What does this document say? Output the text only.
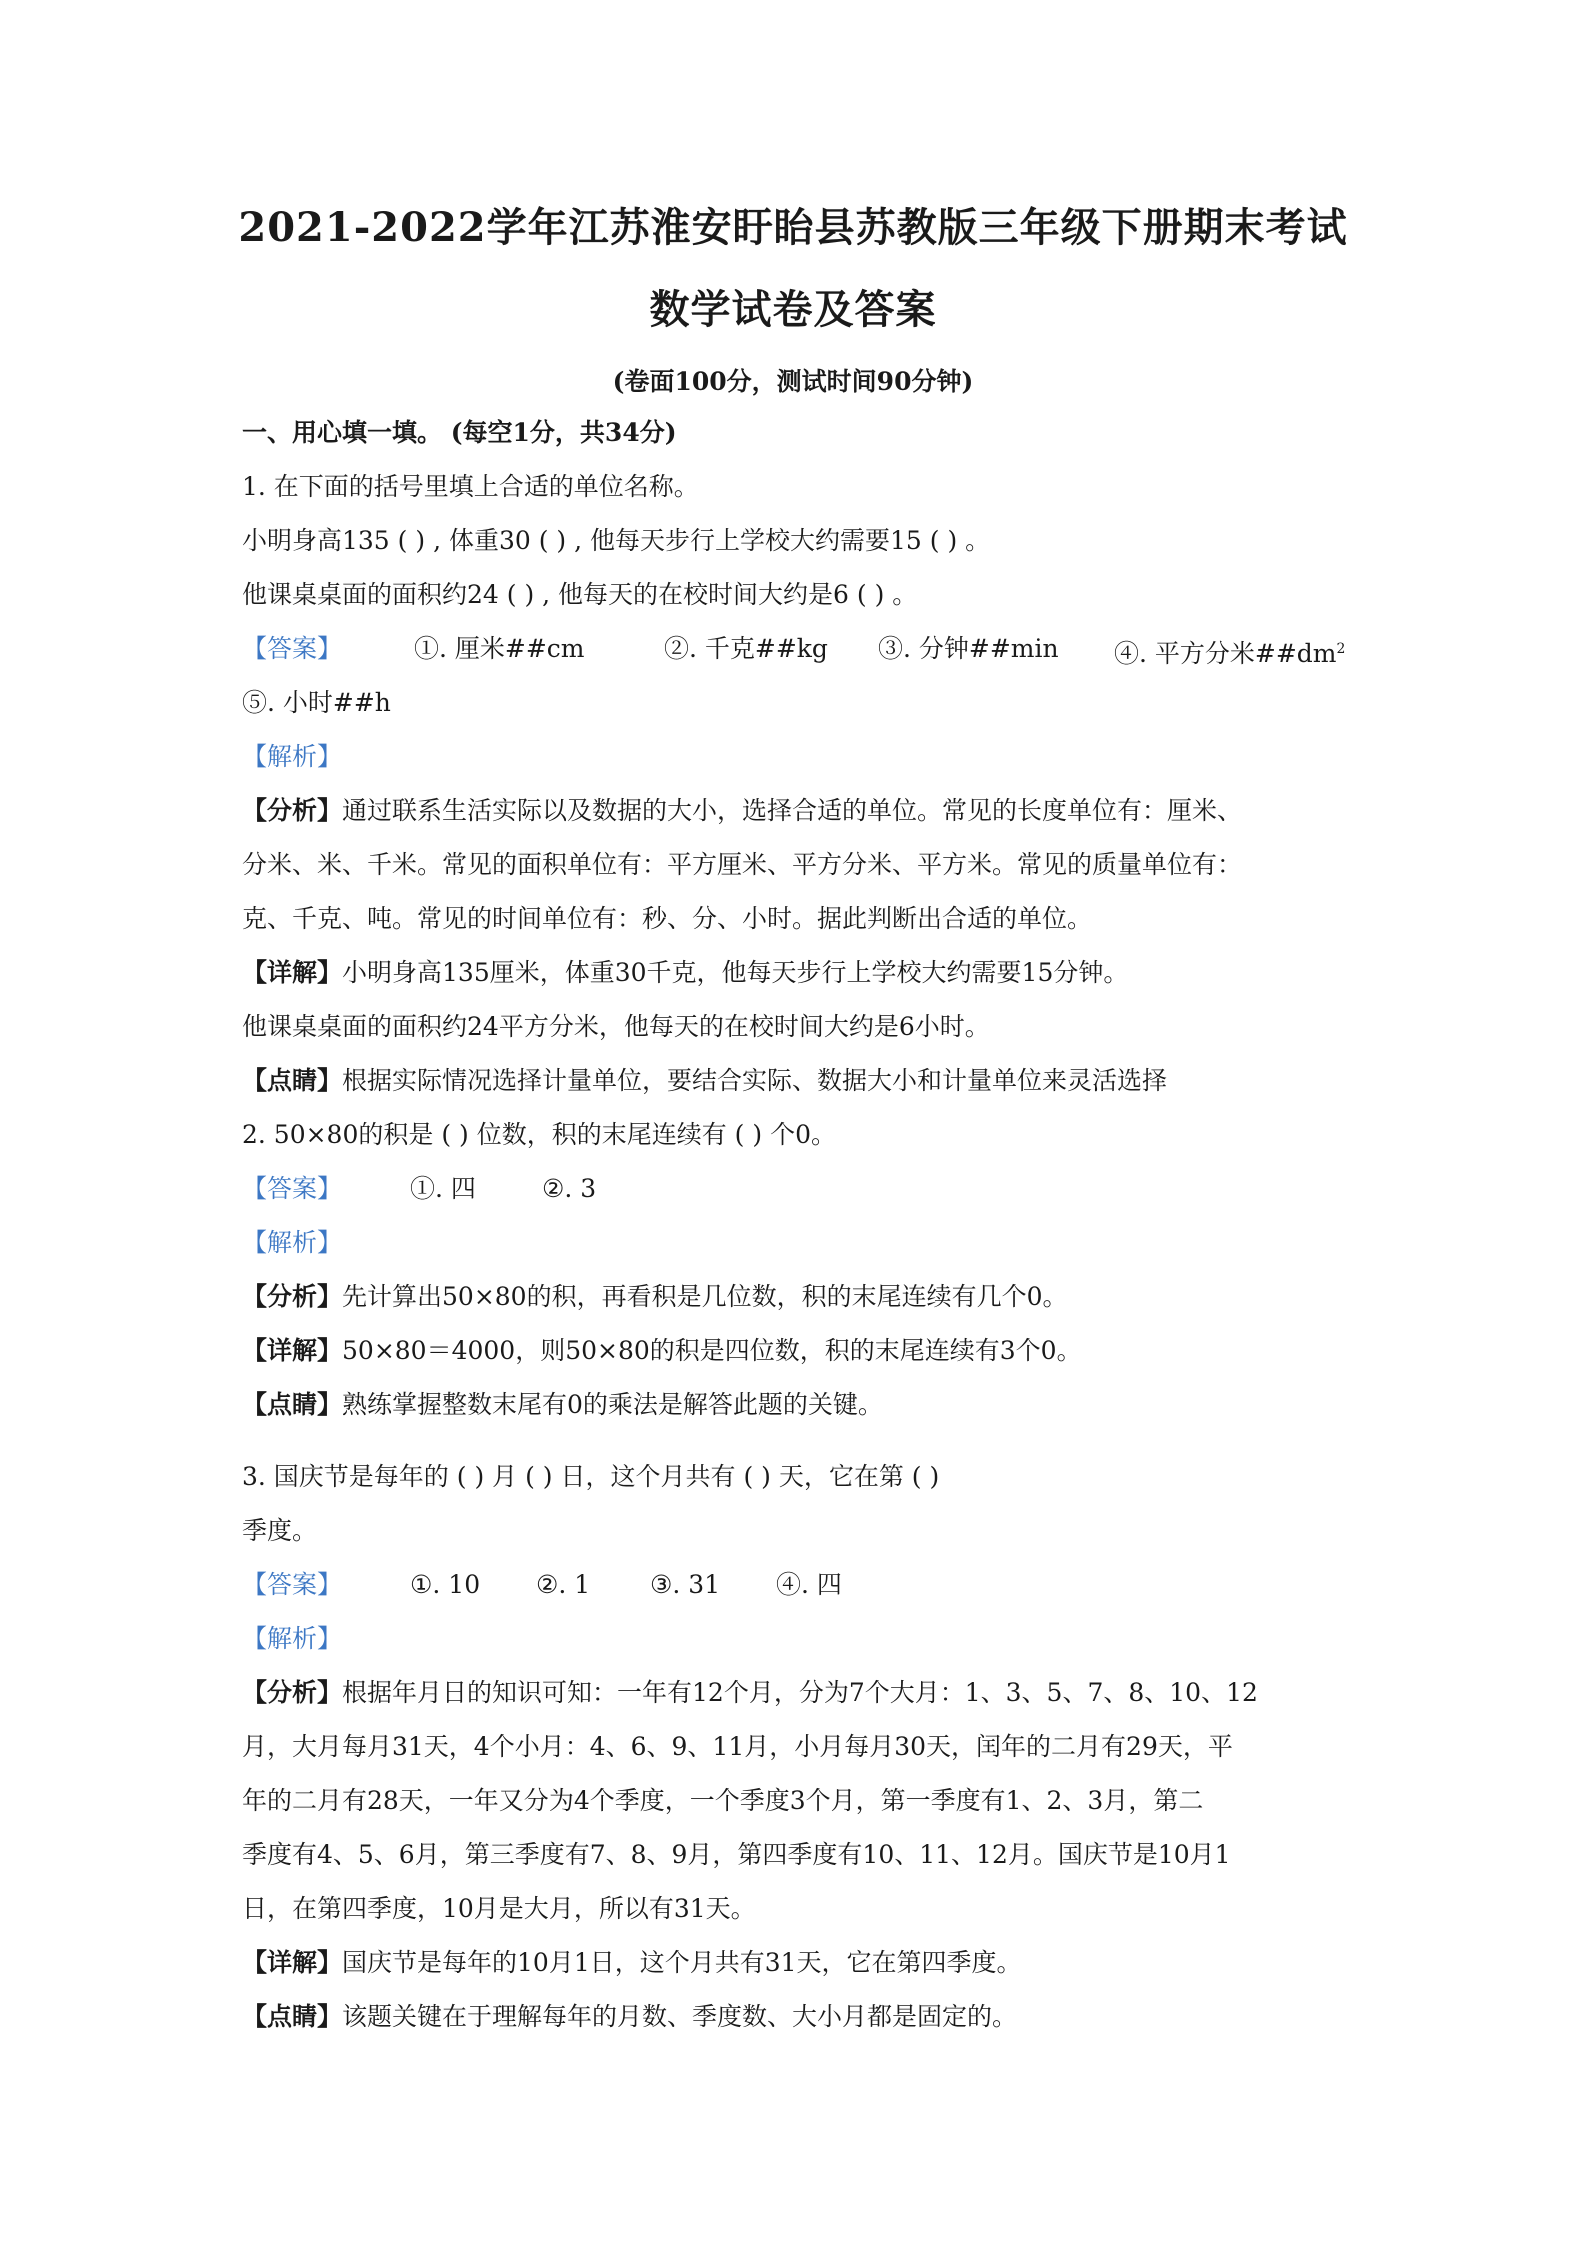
2021-2022学年江苏淮安盱眙县苏教版三年级下册期末考试
数学试卷及答案
(卷面100分，测试时间90分钟)
一、用心填一填。 (每空1分，共34分)
1. 在下面的括号里填上合适的单位名称。
小明身高135 ( ) , 体重30 ( ) , 他每天步行上学校大约需要15 ( ) 。
他课桌桌面的面积约24 ( ) , 他每天的在校时间大约是6 ( ) 。
【答案】	①. 厘米##cm	②. 千克##kg ③. 分钟##min ④. 平方分米$\#\#dm^2$
⑤. 小时##h
【解析】
【分析】通过联系生活实际以及数据的大小，选择合适的单位。常见的长度单位有：厘米、
分米、米、千米。常见的面积单位有：平方厘米、平方分米、平方米。常见的质量单位有：
克、千克、吨。常见的时间单位有：秒、分、小时。据此判断出合适的单位。
【详解】小明身高135厘米，体重30千克，他每天步行上学校大约需要15分钟。
他课桌桌面的面积约24平方分米，他每天的在校时间大约是6小时。
【点睛】根据实际情况选择计量单位，要结合实际、数据大小和计量单位来灵活选择
2. 50×80的积是 ( ) 位数，积的末尾连续有 ( ) 个0。
【答案】	①. 四	②. 3
【解析】
【分析】先计算出50×80的积，再看积是几位数，积的末尾连续有几个0。
【详解】50×80＝4000，则50×80的积是四位数，积的末尾连续有3个0。
【点睛】熟练掌握整数末尾有0的乘法是解答此题的关键。
3. 国庆节是每年的 ( ) 月 ( ) 日，这个月共有 ( ) 天，它在第 ( )
季度。
【答案】	①. 10 ②. 1 ③. 31 ④. 四
【解析】
【分析】根据年月日的知识可知：一年有12个月，分为7个大月：1、3、5、7、8、10、12
月，大月每月31天，4个小月：4、6、9、11月，小月每月30天，闰年的二月有29天，平
年的二月有28天，一年又分为4个季度，一个季度3个月，第一季度有1、2、3月，第二
季度有4、5、6月，第三季度有7、8、9月，第四季度有10、11、12月。国庆节是10月1
日，在第四季度，10月是大月，所以有31天。
【详解】国庆节是每年的10月1日，这个月共有31天，它在第四季度。
【点睛】该题关键在于理解每年的月数、季度数、大小月都是固定的。
